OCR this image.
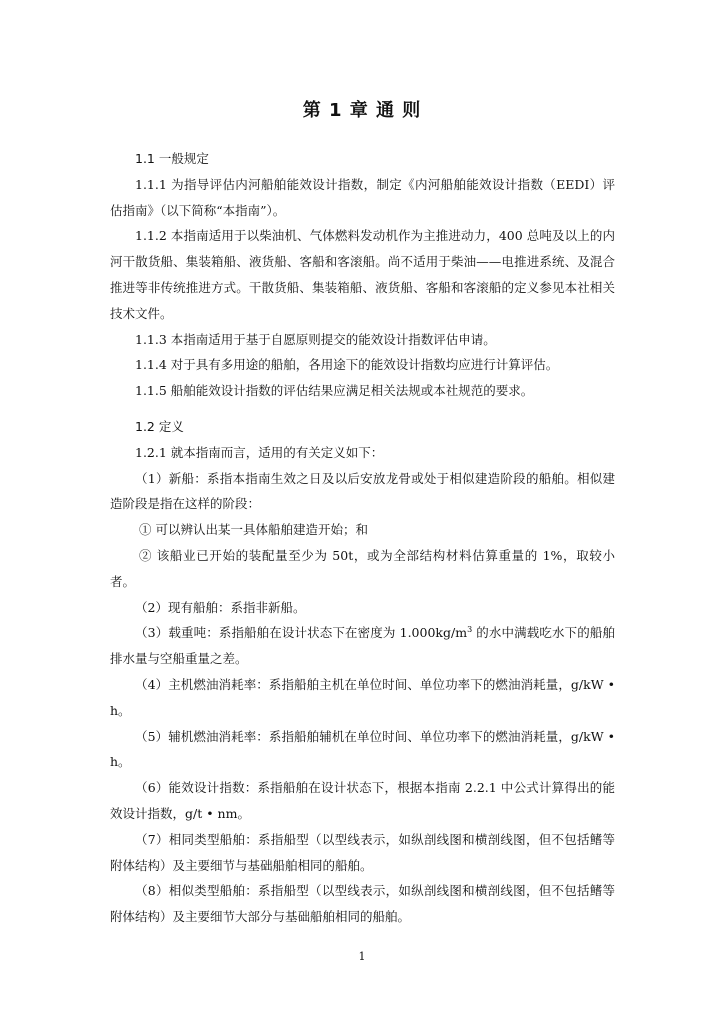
第 1 章 通 则

1.1 一般规定

1.1.1 为指导评估内河船舶能效设计指数，制定《内河船舶能效设计指数（EEDI）评估指南》（以下简称“本指南”）。

1.1.2 本指南适用于以柴油机、气体燃料发动机作为主推进动力，400 总吨及以上的内河干散货船、集装箱船、液货船、客船和客滚船。尚不适用于柴油——电推进系统、及混合推进等非传统推进方式。干散货船、集装箱船、液货船、客船和客滚船的定义参见本社相关技术文件。

1.1.3 本指南适用于基于自愿原则提交的能效设计指数评估申请。

1.1.4 对于具有多用途的船舶，各用途下的能效设计指数均应进行计算评估。

1.1.5 船舶能效设计指数的评估结果应满足相关法规或本社规范的要求。

1.2 定义

1.2.1 就本指南而言，适用的有关定义如下：

（1）新船：系指本指南生效之日及以后安放龙骨或处于相似建造阶段的船舶。相似建造阶段是指在这样的阶段：

① 可以辨认出某一具体船舶建造开始；和

② 该船业已开始的装配量至少为 50t，或为全部结构材料估算重量的 1%，取较小者。

（2）现有船舶：系指非新船。

（3）载重吨：系指船舶在设计状态下在密度为 $1.000kg/m^3$ 的水中满载吃水下的船舶排水量与空船重量之差。

（4）主机燃油消耗率：系指船舶主机在单位时间、单位功率下的燃油消耗量，g/kW • h。

（5）辅机燃油消耗率：系指船舶辅机在单位时间、单位功率下的燃油消耗量，g/kW • h。

（6）能效设计指数：系指船舶在设计状态下，根据本指南 2.2.1 中公式计算得出的能效设计指数，g/t • nm。

（7）相同类型船舶：系指船型（以型线表示，如纵剖线图和横剖线图，但不包括鳍等附体结构）及主要细节与基础船舶相同的船舶。

（8）相似类型船舶：系指船型（以型线表示，如纵剖线图和横剖线图，但不包括鳍等附体结构）及主要细节大部分与基础船舶相同的船舶。

1
